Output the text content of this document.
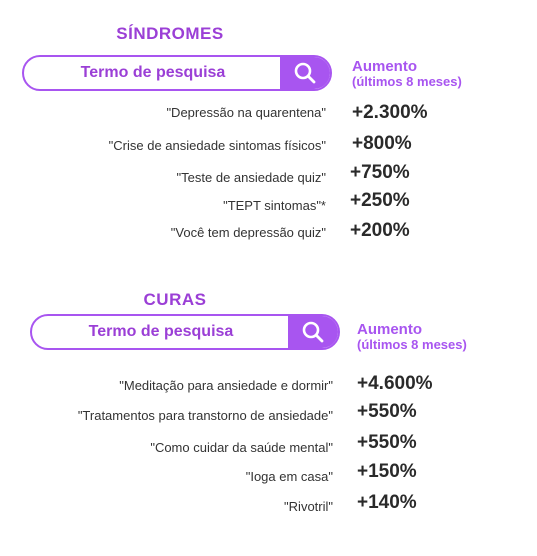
SÍNDROMES
Termo de pesquisa	Aumento
(últimos 8 meses)
"Depressão na quarentena" +2.300%
"Crise de ansiedade sintomas físicos" +800%
"Teste de ansiedade quiz" +750%
"TEPT sintomas"* +250%
"Você tem depressão quiz" +200%
CURAS
Termo de pesquisa	Aumento
(últimos 8 meses)
"Meditação para ansiedade e dormir" +4.600%
"Tratamentos para transtorno de ansiedade" +550%
"Como cuidar da saúde mental" +550%
"Ioga em casa" +150%
"Rivotril" +140%
